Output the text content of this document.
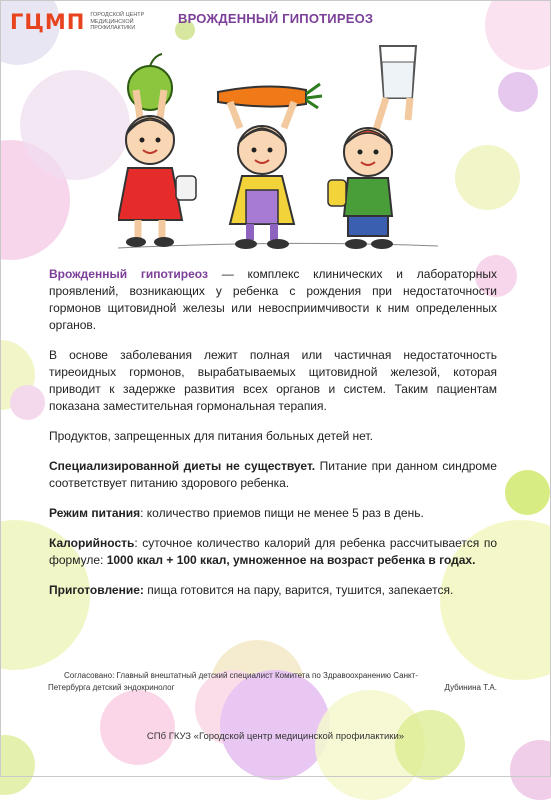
ГЦМП ГОРОДСКОЙ ЦЕНТР МЕДИЦИНСКОЙ ПРОФИЛАКТИКИ
ВРОЖДЕННЫЙ ГИПОТИРЕОЗ

Врожденный гипотиреоз — комплекс клинических и лабораторных проявлений, возникающих у ребенка с рождения при недостаточности гормонов щитовидной железы или невосприимчивости к ним определенных органов.

В основе заболевания лежит полная или частичная недостаточность тиреоидных гормонов, вырабатываемых щитовидной железой, которая приводит к задержке развития всех органов и систем. Таким пациентам показана заместительная гормональная терапия.

Продуктов, запрещенных для питания больных детей нет.

Специализированной диеты не существует. Питание при данном синдроме соответствует питанию здорового ребенка.

Режим питания: количество приемов пищи не менее 5 раз в день.

Калорийность: суточное количество калорий для ребенка рассчитывается по формуле: 1000 ккал + 100 ккал, умноженное на возраст ребенка в годах.

Приготовление: пища готовится на пару, варится, тушится, запекается.

Согласовано: Главный внештатный детский специалист Комитета по Здравоохранению Санкт-
Петербурга детский эндокринолог	Дубинина Т.А.
СПб ГКУЗ «Городской центр медицинской профилактики»
